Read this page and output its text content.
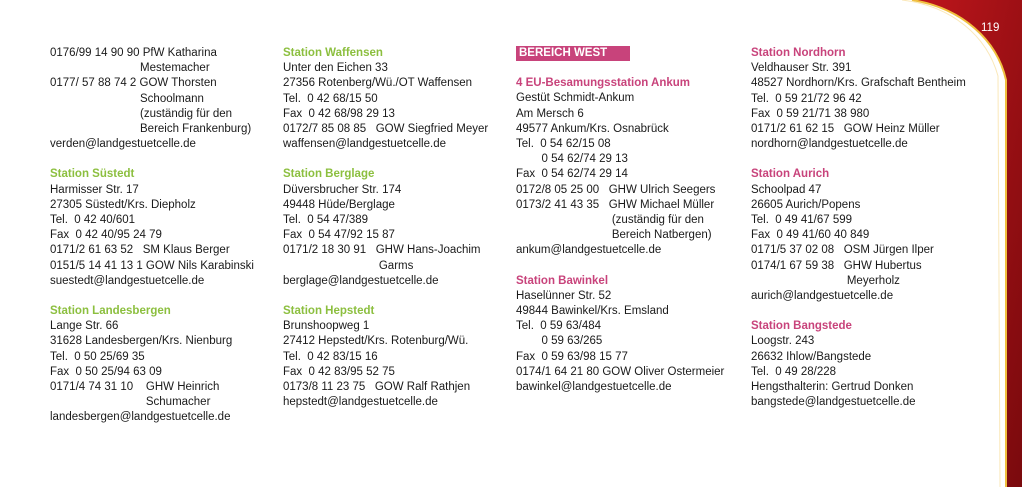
119
0176/99 14 90 90 PfW Katharina
Mestemacher
0177/ 57 88 74 2 GOW Thorsten
Schoolmann
(zuständig für den
Bereich Frankenburg)
verden@landgestuetcelle.de
Station Süstedt
Harmisser Str. 17
27305 Süstedt/Krs. Diepholz
Tel.  0 42 40/601
Fax  0 42 40/95 24 79
0171/2 61 63 52   SM Klaus Berger
0151/5 14 41 13 1 GOW Nils Karabinski
suestedt@landgestuetcelle.de
Station Landesbergen
Lange Str. 66
31628 Landesbergen/Krs. Nienburg
Tel.  0 50 25/69 35
Fax  0 50 25/94 63 09
0171/4 74 31 10    GHW Heinrich
Schumacher
landesbergen@landgestuetcelle.de
Station Waffensen
Unter den Eichen 33
27356 Rotenberg/Wü./OT Waffensen
Tel.  0 42 68/15 50
Fax  0 42 68/98 29 13
0172/7 85 08 85   GOW Siegfried Meyer
waffensen@landgestuetcelle.de
Station Berglage
Düversbrucher Str. 174
49448 Hüde/Berglage
Tel.  0 54 47/389
Fax  0 54 47/92 15 87
0171/2 18 30 91   GHW Hans-Joachim
Garms
berglage@landgestuetcelle.de
Station Hepstedt
Brunshoopweg 1
27412 Hepstedt/Krs. Rotenburg/Wü.
Tel.  0 42 83/15 16
Fax  0 42 83/95 52 75
0173/8 11 23 75   GOW Ralf Rathjen
hepstedt@landgestuetcelle.de
BEREICH WEST
4 EU-Besamungsstation Ankum
Gestüt Schmidt-Ankum
Am Mersch 6
49577 Ankum/Krs. Osnabrück
Tel.  0 54 62/15 08
0 54 62/74 29 13
Fax  0 54 62/74 29 14
0172/8 05 25 00   GHW Ulrich Seegers
0173/2 41 43 35   GHW Michael Müller
(zuständig für den
Bereich Natbergen)
ankum@landgestuetcelle.de
Station Bawinkel
Haselünner Str. 52
49844 Bawinkel/Krs. Emsland
Tel.  0 59 63/484
0 59 63/265
Fax  0 59 63/98 15 77
0174/1 64 21 80 GOW Oliver Ostermeier
bawinkel@landgestuetcelle.de
Station Nordhorn
Veldhauser Str. 391
48527 Nordhorn/Krs. Grafschaft Bentheim
Tel.  0 59 21/72 96 42
Fax  0 59 21/71 38 980
0171/2 61 62 15   GOW Heinz Müller
nordhorn@landgestuetcelle.de
Station Aurich
Schoolpad 47
26605 Aurich/Popens
Tel.  0 49 41/67 599
Fax  0 49 41/60 40 849
0171/5 37 02 08   OSM Jürgen Ilper
0174/1 67 59 38   GHW Hubertus
Meyerholz
aurich@landgestuetcelle.de
Station Bangstede
Loogstr. 243
26632 Ihlow/Bangstede
Tel.  0 49 28/228
Hengsthalterin: Gertrud Donken
bangstede@landgestuetcelle.de
